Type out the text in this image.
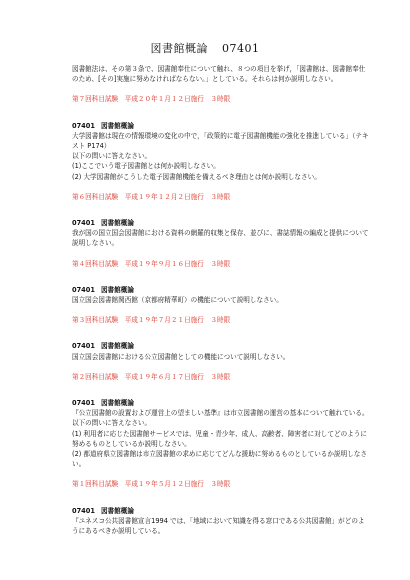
図書館概論 07401

図書館法は、その第３条で、図書館奉仕について触れ、８つの項目を挙げ，「図書館は、図書館奉仕のため、[その]実施に努めなければならない。」としている。それらは何か説明しなさい。

第７回科目試験　平成２０年１月１２日施行　３時限

07401 図書館概論

大学図書館は現在の情報環境の変化の中で，「政策的に電子図書館機能の強化を推進している」（テキスト P174）
以下の問いに答えなさい。
(1)ここでいう電子図書館とは何か説明しなさい。
(2) 大学図書館がこうした電子図書館機能を備えるべき理由とは何か説明しなさい。

第６回科目試験　平成１９年１２月２日施行　３時限

07401 図書館概論

我が国の国立国会図書館における資料の網羅的収集と保存、並びに、書誌情報の編成と提供について説明しなさい。

第４回科目試験　平成１９年９月１６日施行　３時限

07401 図書館概論

国立国会図書館関西館（京都府精華町）の機能について説明しなさい。

第３回科目試験　平成１９年７月２１日施行　３時限

07401 図書館概論

国立国会図書館における公立図書館としての機能について説明しなさい。

第２回科目試験　平成１９年６月１７日施行　３時限

07401 図書館概論

『公立図書館の設置および運営上の望ましい基準』は市立図書館の運営の基本について触れている。以下の問いに答えなさい。
(1) 利用者に応じた図書館サービスでは、児童・青少年、成人、高齢者、障害者に対してどのように努めるものとしているか説明しなさい。
(2) 都道府県立図書館は市立図書館の求めに応じてどんな援助に努めるものとしているか説明しなさい。

第１回科目試験　平成１９年５月１２日施行　３時限

07401 図書館概論

『ユネスコ公共図書館宣言1994 では、「地域において知識を得る窓口である公共図書館」がどのようにあるべきか説明している。
